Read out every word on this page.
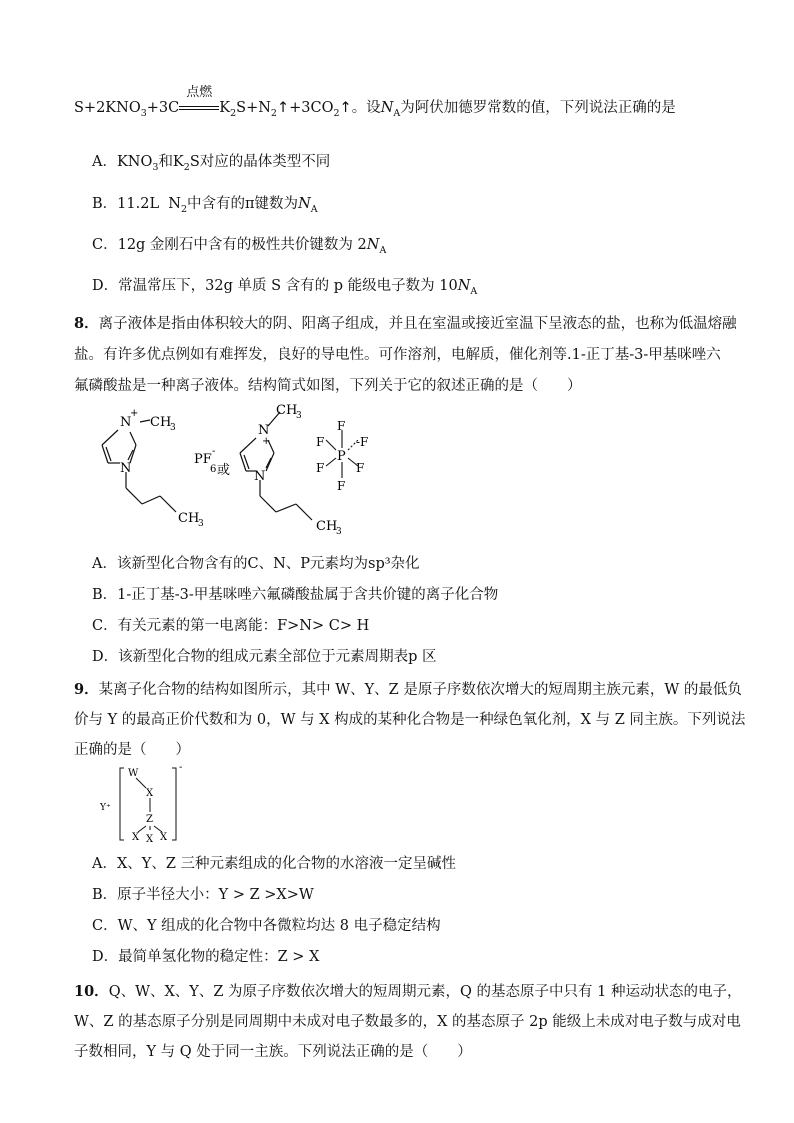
$S+2KNO_3+3C$
点燃
$K_2S+N_2↑+3CO_2↑$。设$N_A$为阿伏加德罗常数的值，下列说法正确的是
A．$KNO_3$和$K_2S$对应的晶体类型不同
B．11.2L $N_2$中含有的π键数为$N_A$
C．12g 金刚石中含有的极性共价键数为 $2N_A$
D．常温常压下，32g 单质 S 含有的 p 能级电子数为 $10N_A$
8．离子液体是指由体积较大的阴、阳离子组成，并且在室温或接近室温下呈液态的盐，也称为低温熔融
盐。有许多优点例如有难挥发，良好的导电性。可作溶剂，电解质，催化剂等.1-正丁基-3-甲基咪唑六
氟磷酸盐是一种离子液体。结构简式如图，下列关于它的叙述正确的是（　　）
N
+
CH
3
N
CH
3
PF
-
6 或
N
+
CH
3
N
CH
3
F
F	-F
P
F	F
F
A．该新型化合物含有的C、N、P元素均为sp³杂化
B．1-正丁基-3-甲基咪唑六氟磷酸盐属于含共价键的离子化合物
C．有关元素的第一电离能：F>N> C> H
D．该新型化合物的组成元素全部位于元素周期表p 区
9．某离子化合物的结构如图所示，其中 W、Y、Z 是原子序数依次增大的短周期主族元素，W 的最低负
价与 Y 的最高正价代数和为 0，W 与 X 构成的某种化合物是一种绿色氧化剂，X 与 Z 同主族。下列说法
正确的是（　　）
Y⁺
W
X
Z
X X X
-
A．X、Y、Z 三种元素组成的化合物的水溶液一定呈碱性
B．原子半径大小：Y > Z >X>W
C．W、Y 组成的化合物中各微粒均达 8 电子稳定结构
D．最简单氢化物的稳定性：Z > X
10．Q、W、X、Y、Z 为原子序数依次增大的短周期元素，Q 的基态原子中只有 1 种运动状态的电子，
W、Z 的基态原子分别是同周期中未成对电子数最多的，X 的基态原子 2p 能级上未成对电子数与成对电
子数相同，Y 与 Q 处于同一主族。下列说法正确的是（　　）
